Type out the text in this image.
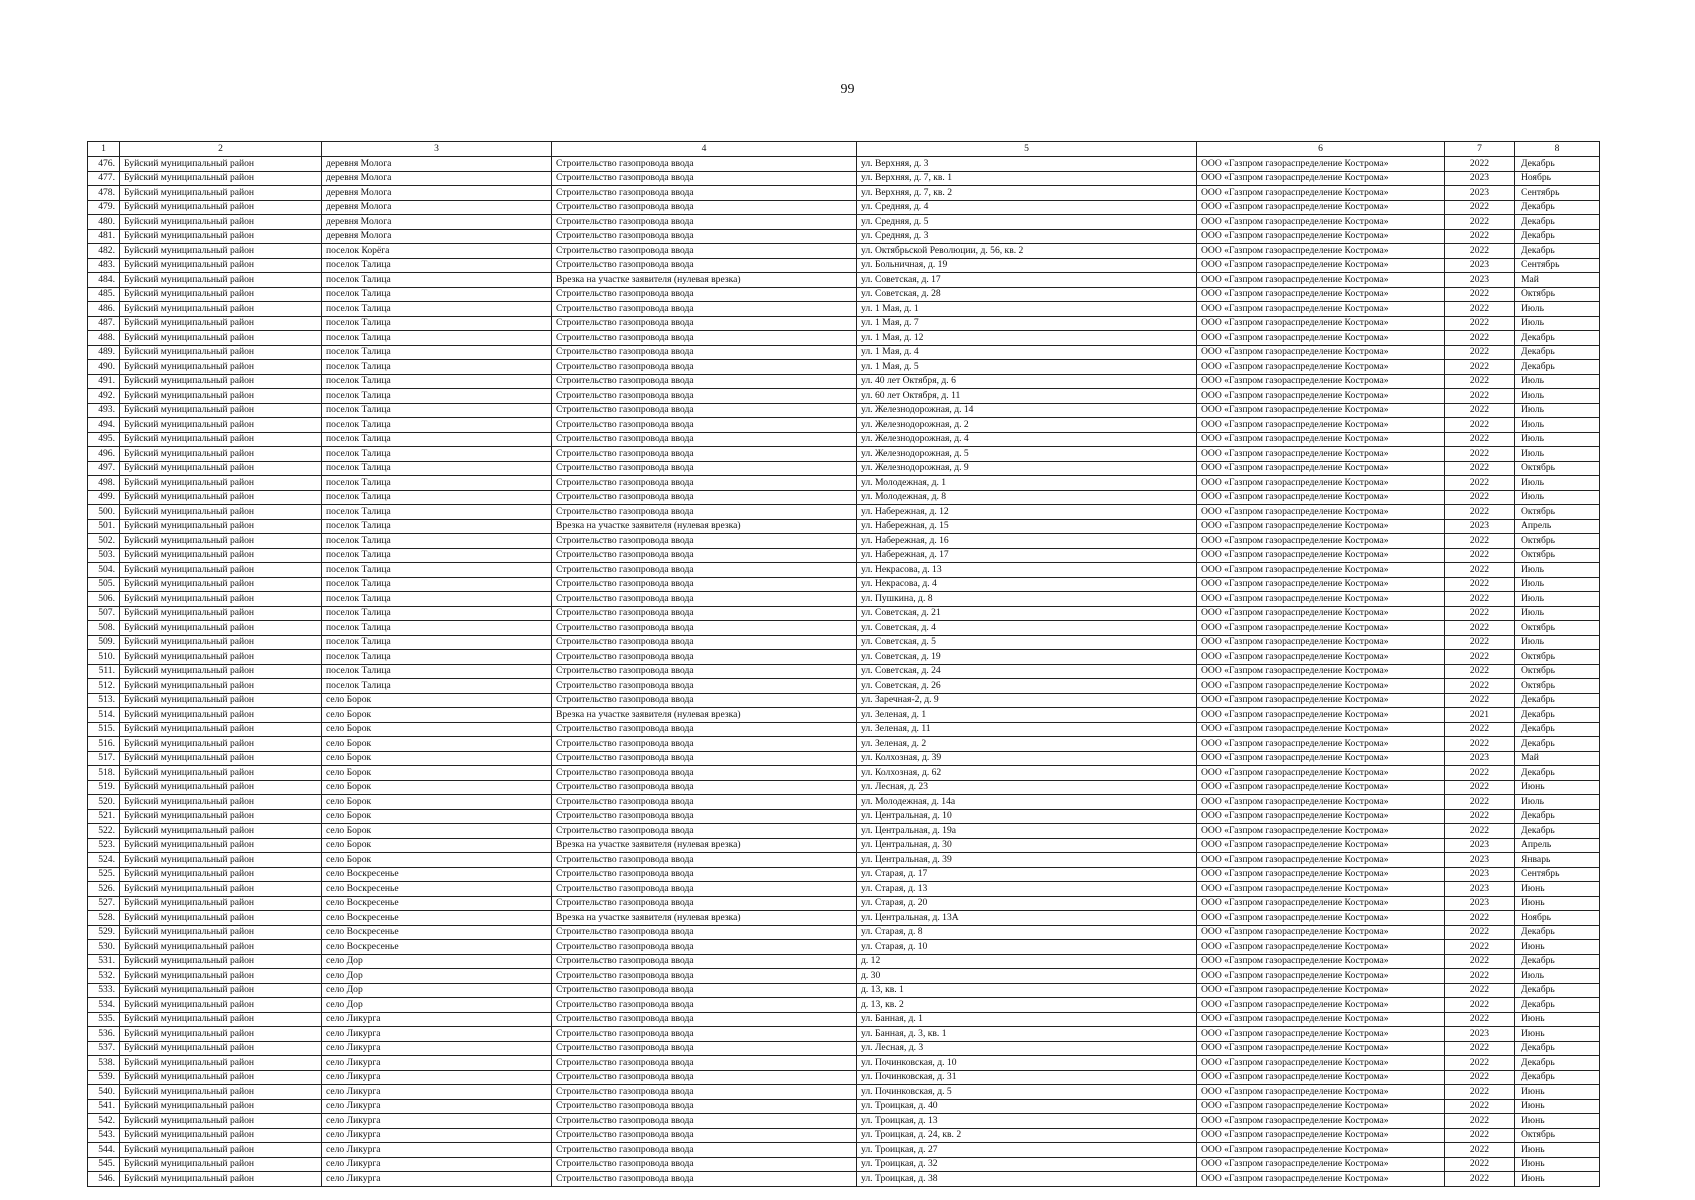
99
1	2	3	4	5	6	7	8
476.	Буйский муниципальный район	деревня Молога	Строительство газопровода ввода	ул. Верхняя, д. 3	ООО «Газпром газораспределение Кострома»	2022	Декабрь
477.	Буйский муниципальный район	деревня Молога	Строительство газопровода ввода	ул. Верхняя, д. 7, кв. 1	ООО «Газпром газораспределение Кострома»	2023	Ноябрь
478.	Буйский муниципальный район	деревня Молога	Строительство газопровода ввода	ул. Верхняя, д. 7, кв. 2	ООО «Газпром газораспределение Кострома»	2023	Сентябрь
479.	Буйский муниципальный район	деревня Молога	Строительство газопровода ввода	ул. Средняя, д. 4	ООО «Газпром газораспределение Кострома»	2022	Декабрь
480.	Буйский муниципальный район	деревня Молога	Строительство газопровода ввода	ул. Средняя, д. 5	ООО «Газпром газораспределение Кострома»	2022	Декабрь
481.	Буйский муниципальный район	деревня Молога	Строительство газопровода ввода	ул. Средняя, д. 3	ООО «Газпром газораспределение Кострома»	2022	Декабрь
482.	Буйский муниципальный район	поселок Корёга	Строительство газопровода ввода	ул. Октябрьской Революции, д. 56, кв. 2	ООО «Газпром газораспределение Кострома»	2022	Декабрь
483.	Буйский муниципальный район	поселок Талица	Строительство газопровода ввода	ул. Больничная, д. 19	ООО «Газпром газораспределение Кострома»	2023	Сентябрь
484.	Буйский муниципальный район	поселок Талица	Врезка на участке заявителя (нулевая врезка)	ул. Советская, д. 17	ООО «Газпром газораспределение Кострома»	2023	Май
485.	Буйский муниципальный район	поселок Талица	Строительство газопровода ввода	ул. Советская, д. 28	ООО «Газпром газораспределение Кострома»	2022	Октябрь
486.	Буйский муниципальный район	поселок Талица	Строительство газопровода ввода	ул. 1 Мая, д. 1	ООО «Газпром газораспределение Кострома»	2022	Июль
487.	Буйский муниципальный район	поселок Талица	Строительство газопровода ввода	ул. 1 Мая, д. 7	ООО «Газпром газораспределение Кострома»	2022	Июль
488.	Буйский муниципальный район	поселок Талица	Строительство газопровода ввода	ул. 1 Мая, д. 12	ООО «Газпром газораспределение Кострома»	2022	Декабрь
489.	Буйский муниципальный район	поселок Талица	Строительство газопровода ввода	ул. 1 Мая, д. 4	ООО «Газпром газораспределение Кострома»	2022	Декабрь
490.	Буйский муниципальный район	поселок Талица	Строительство газопровода ввода	ул. 1 Мая, д. 5	ООО «Газпром газораспределение Кострома»	2022	Декабрь
491.	Буйский муниципальный район	поселок Талица	Строительство газопровода ввода	ул. 40 лет Октября, д. 6	ООО «Газпром газораспределение Кострома»	2022	Июль
492.	Буйский муниципальный район	поселок Талица	Строительство газопровода ввода	ул. 60 лет Октября, д. 11	ООО «Газпром газораспределение Кострома»	2022	Июль
493.	Буйский муниципальный район	поселок Талица	Строительство газопровода ввода	ул. Железнодорожная, д. 14	ООО «Газпром газораспределение Кострома»	2022	Июль
494.	Буйский муниципальный район	поселок Талица	Строительство газопровода ввода	ул. Железнодорожная, д. 2	ООО «Газпром газораспределение Кострома»	2022	Июль
495.	Буйский муниципальный район	поселок Талица	Строительство газопровода ввода	ул. Железнодорожная, д. 4	ООО «Газпром газораспределение Кострома»	2022	Июль
496.	Буйский муниципальный район	поселок Талица	Строительство газопровода ввода	ул. Железнодорожная, д. 5	ООО «Газпром газораспределение Кострома»	2022	Июль
497.	Буйский муниципальный район	поселок Талица	Строительство газопровода ввода	ул. Железнодорожная, д. 9	ООО «Газпром газораспределение Кострома»	2022	Октябрь
498.	Буйский муниципальный район	поселок Талица	Строительство газопровода ввода	ул. Молодежная, д. 1	ООО «Газпром газораспределение Кострома»	2022	Июль
499.	Буйский муниципальный район	поселок Талица	Строительство газопровода ввода	ул. Молодежная, д. 8	ООО «Газпром газораспределение Кострома»	2022	Июль
500.	Буйский муниципальный район	поселок Талица	Строительство газопровода ввода	ул. Набережная, д. 12	ООО «Газпром газораспределение Кострома»	2022	Октябрь
501.	Буйский муниципальный район	поселок Талица	Врезка на участке заявителя (нулевая врезка)	ул. Набережная, д. 15	ООО «Газпром газораспределение Кострома»	2023	Апрель
502.	Буйский муниципальный район	поселок Талица	Строительство газопровода ввода	ул. Набережная, д. 16	ООО «Газпром газораспределение Кострома»	2022	Октябрь
503.	Буйский муниципальный район	поселок Талица	Строительство газопровода ввода	ул. Набережная, д. 17	ООО «Газпром газораспределение Кострома»	2022	Октябрь
504.	Буйский муниципальный район	поселок Талица	Строительство газопровода ввода	ул. Некрасова, д. 13	ООО «Газпром газораспределение Кострома»	2022	Июль
505.	Буйский муниципальный район	поселок Талица	Строительство газопровода ввода	ул. Некрасова, д. 4	ООО «Газпром газораспределение Кострома»	2022	Июль
506.	Буйский муниципальный район	поселок Талица	Строительство газопровода ввода	ул. Пушкина, д. 8	ООО «Газпром газораспределение Кострома»	2022	Июль
507.	Буйский муниципальный район	поселок Талица	Строительство газопровода ввода	ул. Советская, д. 21	ООО «Газпром газораспределение Кострома»	2022	Июль
508.	Буйский муниципальный район	поселок Талица	Строительство газопровода ввода	ул. Советская, д. 4	ООО «Газпром газораспределение Кострома»	2022	Октябрь
509.	Буйский муниципальный район	поселок Талица	Строительство газопровода ввода	ул. Советская, д. 5	ООО «Газпром газораспределение Кострома»	2022	Июль
510.	Буйский муниципальный район	поселок Талица	Строительство газопровода ввода	ул. Советская, д. 19	ООО «Газпром газораспределение Кострома»	2022	Октябрь
511.	Буйский муниципальный район	поселок Талица	Строительство газопровода ввода	ул. Советская, д. 24	ООО «Газпром газораспределение Кострома»	2022	Октябрь
512.	Буйский муниципальный район	поселок Талица	Строительство газопровода ввода	ул. Советская, д. 26	ООО «Газпром газораспределение Кострома»	2022	Октябрь
513.	Буйский муниципальный район	село Борок	Строительство газопровода ввода	ул. Заречная-2, д. 9	ООО «Газпром газораспределение Кострома»	2022	Декабрь
514.	Буйский муниципальный район	село Борок	Врезка на участке заявителя (нулевая врезка)	ул. Зеленая, д. 1	ООО «Газпром газораспределение Кострома»	2021	Декабрь
515.	Буйский муниципальный район	село Борок	Строительство газопровода ввода	ул. Зеленая, д. 11	ООО «Газпром газораспределение Кострома»	2022	Декабрь
516.	Буйский муниципальный район	село Борок	Строительство газопровода ввода	ул. Зеленая, д. 2	ООО «Газпром газораспределение Кострома»	2022	Декабрь
517.	Буйский муниципальный район	село Борок	Строительство газопровода ввода	ул. Колхозная, д. 39	ООО «Газпром газораспределение Кострома»	2023	Май
518.	Буйский муниципальный район	село Борок	Строительство газопровода ввода	ул. Колхозная, д. 62	ООО «Газпром газораспределение Кострома»	2022	Декабрь
519.	Буйский муниципальный район	село Борок	Строительство газопровода ввода	ул. Лесная, д. 23	ООО «Газпром газораспределение Кострома»	2022	Июнь
520.	Буйский муниципальный район	село Борок	Строительство газопровода ввода	ул. Молодежная, д. 14а	ООО «Газпром газораспределение Кострома»	2022	Июль
521.	Буйский муниципальный район	село Борок	Строительство газопровода ввода	ул. Центральная, д. 10	ООО «Газпром газораспределение Кострома»	2022	Декабрь
522.	Буйский муниципальный район	село Борок	Строительство газопровода ввода	ул. Центральная, д. 19а	ООО «Газпром газораспределение Кострома»	2022	Декабрь
523.	Буйский муниципальный район	село Борок	Врезка на участке заявителя (нулевая врезка)	ул. Центральная, д. 30	ООО «Газпром газораспределение Кострома»	2023	Апрель
524.	Буйский муниципальный район	село Борок	Строительство газопровода ввода	ул. Центральная, д. 39	ООО «Газпром газораспределение Кострома»	2023	Январь
525.	Буйский муниципальный район	село Воскресенье	Строительство газопровода ввода	ул. Старая, д. 17	ООО «Газпром газораспределение Кострома»	2023	Сентябрь
526.	Буйский муниципальный район	село Воскресенье	Строительство газопровода ввода	ул. Старая, д. 13	ООО «Газпром газораспределение Кострома»	2023	Июнь
527.	Буйский муниципальный район	село Воскресенье	Строительство газопровода ввода	ул. Старая, д. 20	ООО «Газпром газораспределение Кострома»	2023	Июнь
528.	Буйский муниципальный район	село Воскресенье	Врезка на участке заявителя (нулевая врезка)	ул. Центральная, д. 13А	ООО «Газпром газораспределение Кострома»	2022	Ноябрь
529.	Буйский муниципальный район	село Воскресенье	Строительство газопровода ввода	ул. Старая, д. 8	ООО «Газпром газораспределение Кострома»	2022	Декабрь
530.	Буйский муниципальный район	село Воскресенье	Строительство газопровода ввода	ул. Старая, д. 10	ООО «Газпром газораспределение Кострома»	2022	Июнь
531.	Буйский муниципальный район	село Дор	Строительство газопровода ввода	д. 12	ООО «Газпром газораспределение Кострома»	2022	Декабрь
532.	Буйский муниципальный район	село Дор	Строительство газопровода ввода	д. 30	ООО «Газпром газораспределение Кострома»	2022	Июль
533.	Буйский муниципальный район	село Дор	Строительство газопровода ввода	д. 13, кв. 1	ООО «Газпром газораспределение Кострома»	2022	Декабрь
534.	Буйский муниципальный район	село Дор	Строительство газопровода ввода	д. 13, кв. 2	ООО «Газпром газораспределение Кострома»	2022	Декабрь
535.	Буйский муниципальный район	село Ликурга	Строительство газопровода ввода	ул. Банная, д. 1	ООО «Газпром газораспределение Кострома»	2022	Июнь
536.	Буйский муниципальный район	село Ликурга	Строительство газопровода ввода	ул. Банная, д. 3, кв. 1	ООО «Газпром газораспределение Кострома»	2023	Июнь
537.	Буйский муниципальный район	село Ликурга	Строительство газопровода ввода	ул. Лесная, д. 3	ООО «Газпром газораспределение Кострома»	2022	Декабрь
538.	Буйский муниципальный район	село Ликурга	Строительство газопровода ввода	ул. Починковская, д. 10	ООО «Газпром газораспределение Кострома»	2022	Декабрь
539.	Буйский муниципальный район	село Ликурга	Строительство газопровода ввода	ул. Починковская, д. 31	ООО «Газпром газораспределение Кострома»	2022	Декабрь
540.	Буйский муниципальный район	село Ликурга	Строительство газопровода ввода	ул. Починковская, д. 5	ООО «Газпром газораспределение Кострома»	2022	Июнь
541.	Буйский муниципальный район	село Ликурга	Строительство газопровода ввода	ул. Троицкая, д. 40	ООО «Газпром газораспределение Кострома»	2022	Июнь
542.	Буйский муниципальный район	село Ликурга	Строительство газопровода ввода	ул. Троицкая, д. 13	ООО «Газпром газораспределение Кострома»	2022	Июнь
543.	Буйский муниципальный район	село Ликурга	Строительство газопровода ввода	ул. Троицкая, д. 24, кв. 2	ООО «Газпром газораспределение Кострома»	2022	Октябрь
544.	Буйский муниципальный район	село Ликурга	Строительство газопровода ввода	ул. Троицкая, д. 27	ООО «Газпром газораспределение Кострома»	2022	Июнь
545.	Буйский муниципальный район	село Ликурга	Строительство газопровода ввода	ул. Троицкая, д. 32	ООО «Газпром газораспределение Кострома»	2022	Июнь
546.	Буйский муниципальный район	село Ликурга	Строительство газопровода ввода	ул. Троицкая, д. 38	ООО «Газпром газораспределение Кострома»	2022	Июнь
